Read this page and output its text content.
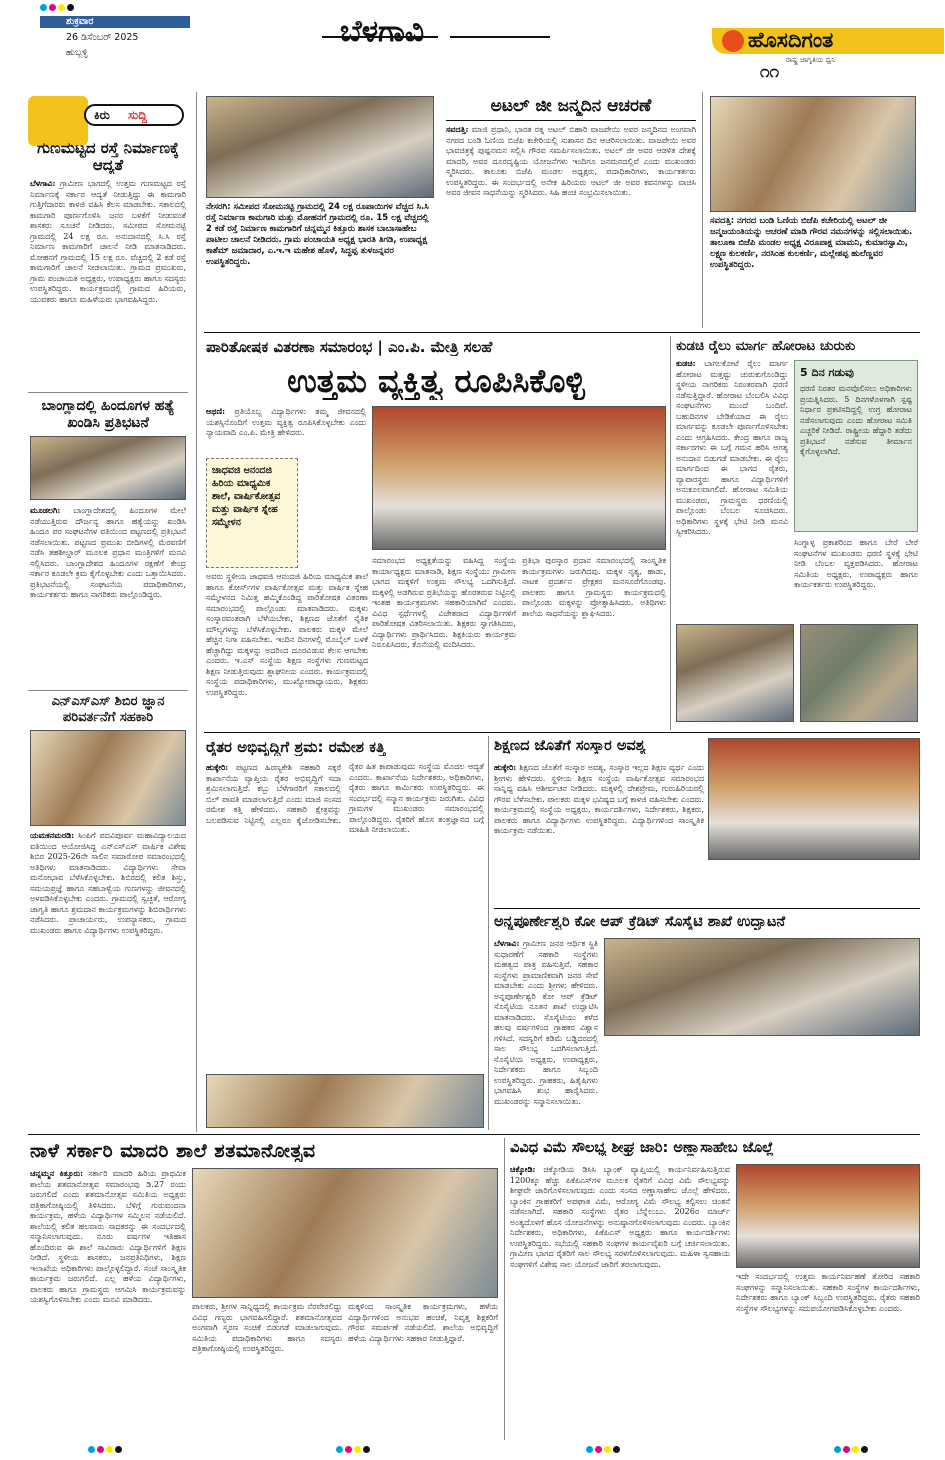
ಶುಕ್ರವಾರ
26 ಡಿಸೆಂಬರ್ 2025
ಹುಬ್ಬಳ್ಳಿ
ಬೆಳಗಾವಿ	ಹೊಸದಿಗಂತ
ರಾಷ್ಟ್ರ ಜಾಗೃತಿಯ ಧ್ವನಿ
೧೧
ಕಿರು ಸುದ್ದಿ
ಗುಣಮಟ್ಟದ ರಸ್ತೆ ನಿರ್ಮಾಣಕ್ಕೆ ಆದ್ಯತೆ
ಬೆಳಗಾವಿ: ಗ್ರಾಮೀಣ ಭಾಗದಲ್ಲಿ ಉತ್ತಮ ಗುಣಮಟ್ಟದ ರಸ್ತೆ ನಿರ್ಮಾಣಕ್ಕೆ ಸರ್ಕಾರ ಆದ್ಯತೆ ನೀಡುತ್ತಿದ್ದು ಈ ಕಾಮಗಾರಿ ಗುತ್ತಿಗೆದಾರರು ಕಾಳಜಿ ವಹಿಸಿ ಕೆಲಸ ಮಾಡಬೇಕು. ಸಕಾಲದಲ್ಲಿ ಕಾಮಗಾರಿ ಪೂರ್ಣಗೊಳಿಸಿ ಜನರ ಬಳಕೆಗೆ ನೀಡುವಂತೆ ಶಾಸಕರು ಸೂಚನೆ ನೀಡಿದರು. ಸಮೀಪದ ಸೋಮನಟ್ಟಿ ಗ್ರಾಮದಲ್ಲಿ 24 ಲಕ್ಷ ರೂ. ಅನುದಾನದಲ್ಲಿ ಸಿ.ಸಿ ರಸ್ತೆ ನಿರ್ಮಾಣ ಕಾಮಗಾರಿಗೆ ಚಾಲನೆ ನೀಡಿ ಮಾತನಾಡಿದರು. ಮೋಹನಗೆ ಗ್ರಾಮದಲ್ಲಿ 15 ಲಕ್ಷ ರೂ. ವೆಚ್ಚದಲ್ಲಿ 2 ಕಡೆ ರಸ್ತೆ ಕಾಮಗಾರಿಗೆ ಚಾಲನೆ ನೀಡಲಾಯಿತು. ಗ್ರಾಮದ ಪ್ರಮುಖರು, ಗ್ರಾಮ ಪಂಚಾಯತ ಅಧ್ಯಕ್ಷರು, ಉಪಾಧ್ಯಕ್ಷರು ಹಾಗೂ ಸದಸ್ಯರು ಉಪಸ್ಥಿತರಿದ್ದರು. ಕಾರ್ಯಕ್ರಮದಲ್ಲಿ ಗ್ರಾಮದ ಹಿರಿಯರು, ಯುವಕರು ಹಾಗೂ ಮಹಿಳೆಯರು ಭಾಗವಹಿಸಿದ್ದರು.
ಬಾಂಗ್ಲಾದಲ್ಲಿ ಹಿಂದೂಗಳ ಹತ್ಯೆ ಖಂಡಿಸಿ ಪ್ರತಿಭಟನೆ
ಮೂಡಲಗಿ: ಬಾಂಗ್ಲಾದೇಶದಲ್ಲಿ ಹಿಂದೂಗಳ ಮೇಲೆ ನಡೆಯುತ್ತಿರುವ ದೌರ್ಜನ್ಯ ಹಾಗೂ ಹತ್ಯೆಯನ್ನು ಖಂಡಿಸಿ ಹಿಂದೂ ಪರ ಸಂಘಟನೆಗಳ ವತಿಯಿಂದ ಪಟ್ಟಣದಲ್ಲಿ ಪ್ರತಿಭಟನೆ ನಡೆಸಲಾಯಿತು. ಪಟ್ಟಣದ ಪ್ರಮುಖ ಬೀದಿಗಳಲ್ಲಿ ಮೆರವಣಿಗೆ ನಡೆಸಿ ತಹಶೀಲ್ದಾರ್ ಮೂಲಕ ಪ್ರಧಾನ ಮಂತ್ರಿಗಳಿಗೆ ಮನವಿ ಸಲ್ಲಿಸಿದರು. ಬಾಂಗ್ಲಾದೇಶದ ಹಿಂದೂಗಳ ರಕ್ಷಣೆಗೆ ಕೇಂದ್ರ ಸರ್ಕಾರ ಕೂಡಲೇ ಕ್ರಮ ಕೈಗೊಳ್ಳಬೇಕು ಎಂದು ಒತ್ತಾಯಿಸಿದರು. ಪ್ರತಿಭಟನೆಯಲ್ಲಿ ಸಂಘಟನೆಯ ಪದಾಧಿಕಾರಿಗಳು, ಕಾರ್ಯಕರ್ತರು ಹಾಗೂ ನಾಗರಿಕರು ಪಾಲ್ಗೊಂಡಿದ್ದರು.
ಎನ್‌ಎಸ್‌ಎಸ್ ಶಿಬಿರ ಜ್ಞಾನ ಪರಿವರ್ತನೆಗೆ ಸಹಕಾರಿ
ಯಮಕನಮರಡಿ: ಸಿಂಪಿಗೆ ಪದವಿಪೂರ್ವ ಮಹಾವಿದ್ಯಾಲಯದ ವತಿಯಿಂದ ಆಯೋಜಿಸಿದ್ದ ಎನ್‌ಎಸ್‌ಎಸ್ ವಾರ್ಷಿಕ ವಿಶೇಷ ಶಿಬಿರ 2025-26ನೇ ಸಾಲಿನ ಸಮಾರೋಪ ಸಮಾರಂಭದಲ್ಲಿ ಅತಿಥಿಗಳು ಮಾತನಾಡಿದರು. ವಿದ್ಯಾರ್ಥಿಗಳು ಸೇವಾ ಮನೋಭಾವ ಬೆಳೆಸಿಕೊಳ್ಳಬೇಕು. ಶಿಬಿರದಲ್ಲಿ ಕಲಿತ ಶಿಸ್ತು, ಸಮಯಪ್ರಜ್ಞೆ ಹಾಗೂ ಸಹಬಾಳ್ವೆಯ ಗುಣಗಳನ್ನು ಜೀವನದಲ್ಲಿ ಅಳವಡಿಸಿಕೊಳ್ಳಬೇಕು ಎಂದರು. ಗ್ರಾಮದಲ್ಲಿ ಸ್ವಚ್ಛತೆ, ಆರೋಗ್ಯ ಜಾಗೃತಿ ಹಾಗೂ ಶ್ರಮದಾನ ಕಾರ್ಯಕ್ರಮಗಳನ್ನು ಶಿಬಿರಾರ್ಥಿಗಳು ನಡೆಸಿದರು. ಪ್ರಾಚಾರ್ಯರು, ಉಪನ್ಯಾಸಕರು, ಗ್ರಾಮದ ಮುಖಂಡರು ಹಾಗೂ ವಿದ್ಯಾರ್ಥಿಗಳು ಉಪಸ್ಥಿತರಿದ್ದರು.
ನೇಸರಗಿ: ಸಮೀಪದ ಸೋಮನಟ್ಟಿ ಗ್ರಾಮದಲ್ಲಿ 24 ಲಕ್ಷ ರೂಪಾಯಿಗಳ ವೆಚ್ಚದ ಸಿ.ಸಿ ರಸ್ತೆ ನಿರ್ಮಾಣ ಕಾಮಗಾರಿ ಮತ್ತು ಮೋಹನಗೆ ಗ್ರಾಮದಲ್ಲಿ ರೂ. 15 ಲಕ್ಷ ವೆಚ್ಚದಲ್ಲಿ 2 ಕಡೆ ರಸ್ತೆ ನಿರ್ಮಾಣ ಕಾಮಗಾರಿಗೆ ಚನ್ನಮ್ಮನ ಕಿತ್ತೂರು ಶಾಸಕ ಬಾಬಾಸಾಹೇಬ ಪಾಟೀಲ ಚಾಲನೆ ನೀಡಿದರು. ಗ್ರಾಮ ಪಂಚಾಯತಿ ಅಧ್ಯಕ್ಷ ಭಾರತಿ ತಿಗಡಿ, ಉಪಾಧ್ಯಕ್ಷ ಕಾಶೆಮ್ ಜಮಾದಾರ, ಎ.ಇ.ಇ ಮಹೇಶ ಹೊಳೆ, ಸಿದ್ಧಪ್ಪ ತುಳಜನ್ನವರ ಉಪಸ್ಥಿತರಿದ್ದರು.
ಅಟಲ್ ಜೀ ಜನ್ಮದಿನ ಆಚರಣೆ
ಸವದತ್ತಿ: ಮಾಜಿ ಪ್ರಧಾನಿ, ಭಾರತ ರತ್ನ ಅಟಲ್ ಬಿಹಾರಿ ವಾಜಪೇಯಿ ಅವರ ಜನ್ಮದಿನದ ಅಂಗವಾಗಿ ನಗರದ ಬಂಡಿ ಓಣಿಯ ಬಿಜೆಪಿ ಕಚೇರಿಯಲ್ಲಿ ಸುಶಾಸನ ದಿನ ಆಚರಿಸಲಾಯಿತು. ವಾಜಪೇಯಿ ಅವರ ಭಾವಚಿತ್ರಕ್ಕೆ ಪುಷ್ಪನಮನ ಸಲ್ಲಿಸಿ ಗೌರವ ಸಮರ್ಪಿಸಲಾಯಿತು. ಅಟಲ್ ಜೀ ಅವರ ಆಡಳಿತ ದೇಶಕ್ಕೆ ಮಾದರಿ, ಅವರ ದೂರದೃಷ್ಟಿಯ ಯೋಜನೆಗಳು ಇಂದಿಗೂ ಜನಮನದಲ್ಲಿವೆ ಎಂದು ಮುಖಂಡರು ಸ್ಮರಿಸಿದರು. ತಾಲೂಕು ಬಿಜೆಪಿ ಮಂಡಲ ಅಧ್ಯಕ್ಷರು, ಪದಾಧಿಕಾರಿಗಳು, ಕಾರ್ಯಕರ್ತರು ಉಪಸ್ಥಿತರಿದ್ದರು. ಈ ಸಂದರ್ಭದಲ್ಲಿ ಅನೇಕ ಹಿರಿಯರು ಅಟಲ್ ಜೀ ಅವರ ಕವನಗಳನ್ನು ವಾಚಿಸಿ ಅವರ ಜೀವನ ಸಾಧನೆಯನ್ನು ಸ್ಮರಿಸಿದರು. ಸಿಹಿ ಹಂಚಿ ಸಂಭ್ರಮಿಸಲಾಯಿತು.
ಸವದತ್ತಿ: ನಗರದ ಬಂಡಿ ಓಣಿಯ ಬಿಜೆಪಿ ಕಚೇರಿಯಲ್ಲಿ ಅಟಲ್ ಜೀ ಜನ್ಮಜಯಂತಿಯನ್ನು ಆಚರಣೆ ಮಾಡಿ ಗೌರವ ನಮನಗಳನ್ನು ಸಲ್ಲಿಸಲಾಯಿತು. ತಾಲೂಕಾ ಬಿಜೆಪಿ ಮಂಡಲ ಅಧ್ಯಕ್ಷ ವಿರೂಪಾಕ್ಷ ಮಾಮನಿ, ಕುಮಾರಸ್ವಾಮಿ, ಲಕ್ಷ್ಮಣ ಕುಲಕರ್ಣಿ, ನರಸಿಂಹ ಕುಲಕರ್ಣಿ, ಮಲ್ಲೇಶಪ್ಪ ಹುಲೆಣ್ಣವರ ಉಪಸ್ಥಿತರಿದ್ದರು.
ಪಾರಿತೋಷಕ ವಿತರಣಾ ಸಮಾರಂಭ | ಎಂ.ಪಿ. ಮೇತ್ರಿ ಸಲಹೆ
ಉತ್ತಮ ವ್ಯಕ್ತಿತ್ವ ರೂಪಿಸಿಕೊಳ್ಳಿ
ಅಥಣಿ: ಪ್ರತಿಯೊಬ್ಬ ವಿದ್ಯಾರ್ಥಿಗಳು ತಮ್ಮ ಜೀವನದಲ್ಲಿ ಯಶಸ್ಸಿನೊಂದಿಗೆ ಉತ್ತಮ ವ್ಯಕ್ತಿತ್ವ ರೂಪಿಸಿಕೊಳ್ಳಬೇಕು ಎಂದು ನ್ಯಾಯವಾದಿ ಎಂ.ಪಿ. ಮೇತ್ರಿ ಹೇಳಿದರು.
ಜಾಧವಜಿ ಆನಂದಜಿ ಹಿರಿಯ ಮಾಧ್ಯಮಿಕ ಶಾಲೆ, ವಾರ್ಷಿಕೋತ್ಸವ ಮತ್ತು ವಾರ್ಷಿಕ ಸ್ನೇಹ ಸಮ್ಮೇಳನ
ಅವರು ಸ್ಥಳೀಯ ಜಾಧವಜಿ ಆನಂದಜಿ ಹಿರಿಯ ಮಾಧ್ಯಮಿಕ ಶಾಲೆ ಹಾಗೂ ಕೋರ್ಸ್‌ಗಳ ವಾರ್ಷಿಕೋತ್ಸವ ಮತ್ತು ವಾರ್ಷಿಕ ಸ್ನೇಹ ಸಮ್ಮೇಳನದ ನಿಮಿತ್ತ ಹಮ್ಮಿಕೊಂಡಿದ್ದ ಪಾರಿತೋಷಕ ವಿತರಣಾ ಸಮಾರಂಭದಲ್ಲಿ ಪಾಲ್ಗೊಂಡು ಮಾತನಾಡಿದರು. ಮಕ್ಕಳು ಸಂಸ್ಕಾರವಂತರಾಗಿ ಬೆಳೆಯಬೇಕು, ಶಿಕ್ಷಣದ ಜೊತೆಗೆ ನೈತಿಕ ಮೌಲ್ಯಗಳನ್ನು ಬೆಳೆಸಿಕೊಳ್ಳಬೇಕು. ಪಾಲಕರು ಮಕ್ಕಳ ಮೇಲೆ ಹೆಚ್ಚಿನ ನಿಗಾ ವಹಿಸಬೇಕು. ಇಂದಿನ ದಿನಗಳಲ್ಲಿ ಮೊಬೈಲ್ ಬಳಕೆ ಹೆಚ್ಚಾಗಿದ್ದು ಮಕ್ಕಳನ್ನು ಅದರಿಂದ ದೂರವಿಡುವ ಕೆಲಸ ಆಗಬೇಕು ಎಂದರು. ಇ.ಎಸ್ ಸಂಸ್ಥೆಯ ಶಿಕ್ಷಣ ಸಂಸ್ಥೆಗಳು ಗುಣಮಟ್ಟದ ಶಿಕ್ಷಣ ನೀಡುತ್ತಿರುವುದು ಶ್ಲಾಘನೀಯ ಎಂದರು. ಕಾರ್ಯಕ್ರಮದಲ್ಲಿ ಸಂಸ್ಥೆಯ ಪದಾಧಿಕಾರಿಗಳು, ಮುಖ್ಯೋಪಾಧ್ಯಾಯರು, ಶಿಕ್ಷಕರು ಉಪಸ್ಥಿತರಿದ್ದರು.
ಸಮಾರಂಭದ ಅಧ್ಯಕ್ಷತೆಯನ್ನು ವಹಿಸಿದ್ದ ಸಂಸ್ಥೆಯ ಕಾರ್ಯಾಧ್ಯಕ್ಷರು ಮಾತನಾಡಿ, ಶಿಕ್ಷಣ ಸಂಸ್ಥೆಯು ಗ್ರಾಮೀಣ ಭಾಗದ ಮಕ್ಕಳಿಗೆ ಉತ್ತಮ ಸೌಲಭ್ಯ ಒದಗಿಸುತ್ತಿದೆ. ಮಕ್ಕಳಲ್ಲಿ ಅಡಗಿರುವ ಪ್ರತಿಭೆಯನ್ನು ಹೊರತರುವ ನಿಟ್ಟಿನಲ್ಲಿ ಇಂತಹ ಕಾರ್ಯಕ್ರಮಗಳು ಸಹಕಾರಿಯಾಗಿವೆ ಎಂದರು. ವಿವಿಧ ಸ್ಪರ್ಧೆಗಳಲ್ಲಿ ವಿಜೇತರಾದ ವಿದ್ಯಾರ್ಥಿಗಳಿಗೆ ಪಾರಿತೋಷಕ ವಿತರಿಸಲಾಯಿತು. ಶಿಕ್ಷಕರು ಸ್ವಾಗತಿಸಿದರು, ವಿದ್ಯಾರ್ಥಿಗಳು ಪ್ರಾರ್ಥಿಸಿದರು. ಶಿಕ್ಷಕಿಯರು ಕಾರ್ಯಕ್ರಮ ನಿರೂಪಿಸಿದರು, ಕೊನೆಯಲ್ಲಿ ವಂದಿಸಿದರು.
ಪ್ರತಿಭಾ ಪುರಸ್ಕಾರ ಪ್ರದಾನ ಸಮಾರಂಭದಲ್ಲಿ ಸಾಂಸ್ಕೃತಿಕ ಕಾರ್ಯಕ್ರಮಗಳು ಜರುಗಿದವು. ಮಕ್ಕಳ ನೃತ್ಯ, ಹಾಡು, ನಾಟಕ ಪ್ರದರ್ಶನ ಪ್ರೇಕ್ಷಕರ ಮನಸೂರೆಗೊಂಡವು. ಪಾಲಕರು ಹಾಗೂ ಗ್ರಾಮಸ್ಥರು ಕಾರ್ಯಕ್ರಮದಲ್ಲಿ ಪಾಲ್ಗೊಂಡು ಮಕ್ಕಳನ್ನು ಪ್ರೋತ್ಸಾಹಿಸಿದರು. ಅತಿಥಿಗಳು ಶಾಲೆಯ ಸಾಧನೆಯನ್ನು ಶ್ಲಾಘಿಸಿದರು.
ಕುಡಚಿ ರೈಲು ಮಾರ್ಗ ಹೋರಾಟ ಚುರುಕು
ಕುಡಚಿ: ಬಾಗಲಕೋಟೆ ರೈಲು ಮಾರ್ಗ ಹೋರಾಟ ಮತ್ತಷ್ಟು ಚುರುಕುಗೊಂಡಿದ್ದು ಸ್ಥಳೀಯ ನಾಗರಿಕರು ನಿರಂತರವಾಗಿ ಧರಣಿ ನಡೆಸುತ್ತಿದ್ದಾರೆ. ಹೋರಾಟ ಬೆಂಬಲಿಸಿ ವಿವಿಧ ಸಂಘಟನೆಗಳು ಮುಂದೆ ಬಂದಿವೆ. ಬಹುದಿನಗಳ ಬೇಡಿಕೆಯಾದ ಈ ರೈಲು ಮಾರ್ಗವನ್ನು ಕೂಡಲೇ ಪೂರ್ಣಗೊಳಿಸಬೇಕು ಎಂದು ಆಗ್ರಹಿಸಿದರು. ಕೇಂದ್ರ ಹಾಗೂ ರಾಜ್ಯ ಸರ್ಕಾರಗಳು ಈ ಬಗ್ಗೆ ಗಮನ ಹರಿಸಿ ಅಗತ್ಯ ಅನುದಾನ ಬಿಡುಗಡೆ ಮಾಡಬೇಕು. ಈ ರೈಲು ಮಾರ್ಗದಿಂದ ಈ ಭಾಗದ ರೈತರು, ವ್ಯಾಪಾರಸ್ಥರು ಹಾಗೂ ವಿದ್ಯಾರ್ಥಿಗಳಿಗೆ ಅನುಕೂಲವಾಗಲಿದೆ. ಹೋರಾಟ ಸಮಿತಿಯ ಮುಖಂಡರು, ಗ್ರಾಮಸ್ಥರು ಧರಣಿಯಲ್ಲಿ ಪಾಲ್ಗೊಂಡು ಬೆಂಬಲ ಸೂಚಿಸಿದರು. ಅಧಿಕಾರಿಗಳು ಸ್ಥಳಕ್ಕೆ ಭೇಟಿ ನೀಡಿ ಮನವಿ ಸ್ವೀಕರಿಸಿದರು.
5 ದಿನ ಗಡುವು
ಧರಣಿ ನಿರತರ ಮನವೊಲಿಸಲು ಅಧಿಕಾರಿಗಳು ಪ್ರಯತ್ನಿಸಿದರು. 5 ದಿನಗಳೊಳಗಾಗಿ ಸ್ಪಷ್ಟ ನಿರ್ಧಾರ ಪ್ರಕಟಿಸದಿದ್ದಲ್ಲಿ ಉಗ್ರ ಹೋರಾಟ ನಡೆಸಲಾಗುವುದು ಎಂದು ಹೋರಾಟ ಸಮಿತಿ ಎಚ್ಚರಿಕೆ ನೀಡಿದೆ. ರಾಷ್ಟ್ರೀಯ ಹೆದ್ದಾರಿ ತಡೆದು ಪ್ರತಿಭಟನೆ ನಡೆಸುವ ತೀರ್ಮಾನ ಕೈಗೊಳ್ಳಲಾಗಿದೆ.
ಸಿಂಗ್ನಾಳ್ಳ ಪ್ರಕಾಶರಿಂದ ಹಾಗೂ ಬೇರೆ ಬೇರೆ ಸಂಘಟನೆಗಳ ಮುಖಂಡರು ಧರಣಿ ಸ್ಥಳಕ್ಕೆ ಭೇಟಿ ನೀಡಿ ಬೆಂಬಲ ವ್ಯಕ್ತಪಡಿಸಿದರು. ಹೋರಾಟ ಸಮಿತಿಯ ಅಧ್ಯಕ್ಷರು, ಉಪಾಧ್ಯಕ್ಷರು ಹಾಗೂ ಕಾರ್ಯಕರ್ತರು ಉಪಸ್ಥಿತರಿದ್ದರು.
ರೈತರ ಅಭಿವೃದ್ಧಿಗೆ ಶ್ರಮ: ರಮೇಶ ಕತ್ತಿ
ಹುಕ್ಕೇರಿ: ಪಟ್ಟಣದ ಹಿರಣ್ಯಕೇಶಿ ಸಹಕಾರಿ ಸಕ್ಕರೆ ಕಾರ್ಖಾನೆಯ ವ್ಯಾಪ್ತಿಯ ರೈತರ ಅಭಿವೃದ್ಧಿಗೆ ಸದಾ ಶ್ರಮಿಸಲಾಗುತ್ತಿದೆ. ಕಬ್ಬು ಬೆಳೆಗಾರರಿಗೆ ಸಕಾಲದಲ್ಲಿ ಬಿಲ್ ಪಾವತಿ ಮಾಡಲಾಗುತ್ತಿದೆ ಎಂದು ಮಾಜಿ ಸಂಸದ ರಮೇಶ ಕತ್ತಿ ಹೇಳಿದರು. ಸಹಕಾರಿ ಕ್ಷೇತ್ರವನ್ನು ಬಲಪಡಿಸುವ ನಿಟ್ಟಿನಲ್ಲಿ ಎಲ್ಲರೂ ಕೈಜೋಡಿಸಬೇಕು. ರೈತರ ಹಿತ ಕಾಪಾಡುವುದು ಸಂಸ್ಥೆಯ ಮೊದಲ ಆದ್ಯತೆ ಎಂದರು. ಕಾರ್ಖಾನೆಯ ನಿರ್ದೇಶಕರು, ಅಧಿಕಾರಿಗಳು, ರೈತರು ಹಾಗೂ ಕಾರ್ಮಿಕರು ಉಪಸ್ಥಿತರಿದ್ದರು. ಈ ಸಂದರ್ಭದಲ್ಲಿ ಸನ್ಮಾನ ಕಾರ್ಯಕ್ರಮ ಜರುಗಿತು. ವಿವಿಧ ಗ್ರಾಮಗಳ ಮುಖಂಡರು ಸಮಾರಂಭದಲ್ಲಿ ಪಾಲ್ಗೊಂಡಿದ್ದರು. ರೈತರಿಗೆ ಹೊಸ ತಂತ್ರಜ್ಞಾನದ ಬಗ್ಗೆ ಮಾಹಿತಿ ನೀಡಲಾಯಿತು.
ಶಿಕ್ಷಣದ ಜೊತೆಗೆ ಸಂಸ್ಕಾರ ಅವಶ್ಯ
ಹುಕ್ಕೇರಿ: ಶಿಕ್ಷಣದ ಜೊತೆಗೆ ಸಂಸ್ಕಾರ ಅವಶ್ಯ, ಸಂಸ್ಕಾರ ಇಲ್ಲದ ಶಿಕ್ಷಣ ವ್ಯರ್ಥ ಎಂದು ಶ್ರೀಗಳು ಹೇಳಿದರು. ಸ್ಥಳೀಯ ಶಿಕ್ಷಣ ಸಂಸ್ಥೆಯ ವಾರ್ಷಿಕೋತ್ಸವ ಸಮಾರಂಭದ ಸಾನ್ನಿಧ್ಯ ವಹಿಸಿ ಆಶೀರ್ವಚನ ನೀಡಿದರು. ಮಕ್ಕಳಲ್ಲಿ ದೇಶಪ್ರೇಮ, ಗುರುಹಿರಿಯರಲ್ಲಿ ಗೌರವ ಬೆಳೆಸಬೇಕು. ಪಾಲಕರು ಮಕ್ಕಳ ಭವಿಷ್ಯದ ಬಗ್ಗೆ ಕಾಳಜಿ ವಹಿಸಬೇಕು ಎಂದರು. ಕಾರ್ಯಕ್ರಮದಲ್ಲಿ ಸಂಸ್ಥೆಯ ಅಧ್ಯಕ್ಷರು, ಕಾರ್ಯದರ್ಶಿಗಳು, ನಿರ್ದೇಶಕರು, ಶಿಕ್ಷಕರು, ಪಾಲಕರು ಹಾಗೂ ವಿದ್ಯಾರ್ಥಿಗಳು ಉಪಸ್ಥಿತರಿದ್ದರು. ವಿದ್ಯಾರ್ಥಿಗಳಿಂದ ಸಾಂಸ್ಕೃತಿಕ ಕಾರ್ಯಕ್ರಮ ನಡೆಯಿತು.
ಅನ್ನಪೂರ್ಣೇಶ್ವರಿ ಕೋ ಆಪ್ ಕ್ರೆಡಿಟ್ ಸೊಸೈಟಿ ಶಾಖೆ ಉದ್ಘಾಟನೆ
ಬೆಳಗಾವಿ: ಗ್ರಾಮೀಣ ಜನರ ಆರ್ಥಿಕ ಸ್ಥಿತಿ ಸುಧಾರಣೆಗೆ ಸಹಕಾರಿ ಸಂಸ್ಥೆಗಳು ಮಹತ್ವದ ಪಾತ್ರ ವಹಿಸುತ್ತಿವೆ. ಸಹಕಾರ ಸಂಸ್ಥೆಗಳು ಪ್ರಾಮಾಣಿಕವಾಗಿ ಜನರ ಸೇವೆ ಮಾಡಬೇಕು ಎಂದು ಶ್ರೀಗಳು ಹೇಳಿದರು. ಅನ್ನಪೂರ್ಣೇಶ್ವರಿ ಕೋ ಆಪ್ ಕ್ರೆಡಿಟ್ ಸೊಸೈಟಿಯ ನೂತನ ಶಾಖೆ ಉದ್ಘಾಟಿಸಿ ಮಾತನಾಡಿದರು. ಸೊಸೈಟಿಯು ಕಳೆದ ಹಲವು ವರ್ಷಗಳಿಂದ ಗ್ರಾಹಕರ ವಿಶ್ವಾಸ ಗಳಿಸಿದೆ. ಸದಸ್ಯರಿಗೆ ಕಡಿಮೆ ಬಡ್ಡಿದರದಲ್ಲಿ ಸಾಲ ಸೌಲಭ್ಯ ಒದಗಿಸಲಾಗುತ್ತಿದೆ. ಸೊಸೈಟಿಯ ಅಧ್ಯಕ್ಷರು, ಉಪಾಧ್ಯಕ್ಷರು, ನಿರ್ದೇಶಕರು ಹಾಗೂ ಸಿಬ್ಬಂದಿ ಉಪಸ್ಥಿತರಿದ್ದರು. ಗ್ರಾಹಕರು, ಹಿತೈಷಿಗಳು ಭಾಗವಹಿಸಿ ಶುಭ ಹಾರೈಸಿದರು. ಮುಖಂಡರನ್ನು ಸನ್ಮಾನಿಸಲಾಯಿತು.
ನಾಳೆ ಸರ್ಕಾರಿ ಮಾದರಿ ಶಾಲೆ ಶತಮಾನೋತ್ಸವ
ಚನ್ನಮ್ಮನ ಕಿತ್ತೂರು: ಸರ್ಕಾರಿ ಮಾದರಿ ಹಿರಿಯ ಪ್ರಾಥಮಿಕ ಶಾಲೆಯ ಶತಮಾನೋತ್ಸವ ಸಮಾರಂಭವು ಡಿ.27 ರಂದು ಜರುಗಲಿದೆ ಎಂದು ಶತಮಾನೋತ್ಸವ ಸಮಿತಿಯ ಅಧ್ಯಕ್ಷರು ಪತ್ರಿಕಾಗೋಷ್ಠಿಯಲ್ಲಿ ತಿಳಿಸಿದರು. ಬೆಳಿಗ್ಗೆ ಗುರುವಂದನಾ ಕಾರ್ಯಕ್ರಮ, ಹಳೆಯ ವಿದ್ಯಾರ್ಥಿಗಳ ಸಮ್ಮಿಲನ ನಡೆಯಲಿದೆ. ಶಾಲೆಯಲ್ಲಿ ಕಲಿತ ಹಲವಾರು ಸಾಧಕರನ್ನು ಈ ಸಂದರ್ಭದಲ್ಲಿ ಸನ್ಮಾನಿಸಲಾಗುವುದು. ನೂರು ವರ್ಷಗಳ ಇತಿಹಾಸ ಹೊಂದಿರುವ ಈ ಶಾಲೆ ಸಾವಿರಾರು ವಿದ್ಯಾರ್ಥಿಗಳಿಗೆ ಶಿಕ್ಷಣ ನೀಡಿದೆ. ಸ್ಥಳೀಯ ಶಾಸಕರು, ಜನಪ್ರತಿನಿಧಿಗಳು, ಶಿಕ್ಷಣ ಇಲಾಖೆಯ ಅಧಿಕಾರಿಗಳು ಪಾಲ್ಗೊಳ್ಳಲಿದ್ದಾರೆ. ಸಂಜೆ ಸಾಂಸ್ಕೃತಿಕ ಕಾರ್ಯಕ್ರಮ ಜರುಗಲಿದೆ. ಎಲ್ಲ ಹಳೆಯ ವಿದ್ಯಾರ್ಥಿಗಳು, ಪಾಲಕರು ಹಾಗೂ ಗ್ರಾಮಸ್ಥರು ಆಗಮಿಸಿ ಕಾರ್ಯಕ್ರಮವನ್ನು ಯಶಸ್ವಿಗೊಳಿಸಬೇಕು ಎಂದು ಮನವಿ ಮಾಡಿದರು.
ಪಾಲಕರು, ಶ್ರೀಗಳ ಸಾನ್ನಿಧ್ಯದಲ್ಲಿ ಕಾರ್ಯಕ್ರಮ ನೆರವೇರಲಿದ್ದು ವಿವಿಧ ಗಣ್ಯರು ಭಾಗವಹಿಸಲಿದ್ದಾರೆ. ಶತಮಾನೋತ್ಸವದ ಅಂಗವಾಗಿ ಸ್ಮರಣ ಸಂಚಿಕೆ ಬಿಡುಗಡೆ ಮಾಡಲಾಗುವುದು. ಸಮಿತಿಯ ಪದಾಧಿಕಾರಿಗಳು ಹಾಗೂ ಸದಸ್ಯರು ಪತ್ರಿಕಾಗೋಷ್ಠಿಯಲ್ಲಿ ಉಪಸ್ಥಿತರಿದ್ದರು.
ಮಕ್ಕಳಿಂದ ಸಾಂಸ್ಕೃತಿಕ ಕಾರ್ಯಕ್ರಮಗಳು, ಹಳೆಯ ವಿದ್ಯಾರ್ಥಿಗಳಿಂದ ಅನುಭವ ಹಂಚಿಕೆ, ನಿವೃತ್ತ ಶಿಕ್ಷಕರಿಗೆ ಗೌರವ ಸಮರ್ಪಣೆ ನಡೆಯಲಿದೆ. ಶಾಲೆಯ ಅಭಿವೃದ್ಧಿಗೆ ಹಳೆಯ ವಿದ್ಯಾರ್ಥಿಗಳು ಸಹಕಾರ ನೀಡುತ್ತಿದ್ದಾರೆ.
ವಿವಿಧ ವಿಮೆ ಸೌಲಭ್ಯ ಶೀಘ್ರ ಜಾರಿ: ಅಣ್ಣಾಸಾಹೇಬ ಜೊಲ್ಲೆ
ಚಿಕ್ಕೋಡಿ: ಚಿಕ್ಕೋಡಿಯ ಡಿಸಿಸಿ ಬ್ಯಾಂಕ್ ವ್ಯಾಪ್ತಿಯಲ್ಲಿ ಕಾರ್ಯನಿರ್ವಹಿಸುತ್ತಿರುವ 1200ಕ್ಕೂ ಹೆಚ್ಚು ಪಿಕೆಪಿಎಸ್‌ಗಳ ಮೂಲಕ ರೈತರಿಗೆ ವಿವಿಧ ವಿಮೆ ಸೌಲಭ್ಯವನ್ನು ಶೀಘ್ರವೇ ಜಾರಿಗೊಳಿಸಲಾಗುವುದು ಎಂದು ಸಂಸದ ಅಣ್ಣಾಸಾಹೇಬ ಜೊಲ್ಲೆ ಹೇಳಿದರು. ಬ್ಯಾಂಕಿನ ಗ್ರಾಹಕರಿಗೆ ಅಪಘಾತ ವಿಮೆ, ಆರೋಗ್ಯ ವಿಮೆ ಸೌಲಭ್ಯ ಕಲ್ಪಿಸಲು ಚಿಂತನೆ ನಡೆಸಲಾಗಿದೆ. ಸಹಕಾರಿ ಸಂಸ್ಥೆಗಳು ರೈತರ ಬೆನ್ನೆಲುಬು. 2026ರ ಮಾರ್ಚ್ ಅಂತ್ಯದೊಳಗೆ ಹೊಸ ಯೋಜನೆಗಳನ್ನು ಅನುಷ್ಠಾನಗೊಳಿಸಲಾಗುವುದು ಎಂದರು. ಬ್ಯಾಂಕಿನ ನಿರ್ದೇಶಕರು, ಅಧಿಕಾರಿಗಳು, ಪಿಕೆಪಿಎಸ್ ಅಧ್ಯಕ್ಷರು ಹಾಗೂ ಕಾರ್ಯದರ್ಶಿಗಳು ಉಪಸ್ಥಿತರಿದ್ದರು. ಸಭೆಯಲ್ಲಿ ಸಹಕಾರಿ ಸಂಘಗಳ ಕಾರ್ಯವೈಖರಿ ಬಗ್ಗೆ ಚರ್ಚಿಸಲಾಯಿತು. ಗ್ರಾಮೀಣ ಭಾಗದ ರೈತರಿಗೆ ಸಾಲ ಸೌಲಭ್ಯ ಸರಳಗೊಳಿಸಲಾಗುವುದು. ಮಹಿಳಾ ಸ್ವಸಹಾಯ ಸಂಘಗಳಿಗೆ ವಿಶೇಷ ಸಾಲ ಯೋಜನೆ ಜಾರಿಗೆ ತರಲಾಗುವುದು.
ಇದೇ ಸಂದರ್ಭದಲ್ಲಿ ಉತ್ತಮ ಕಾರ್ಯನಿರ್ವಹಣೆ ತೋರಿದ ಸಹಕಾರಿ ಸಂಘಗಳನ್ನು ಸನ್ಮಾನಿಸಲಾಯಿತು. ಸಹಕಾರಿ ಸಂಸ್ಥೆಗಳ ಕಾರ್ಯದರ್ಶಿಗಳು, ನಿರ್ದೇಶಕರು ಹಾಗೂ ಬ್ಯಾಂಕ್ ಸಿಬ್ಬಂದಿ ಉಪಸ್ಥಿತರಿದ್ದರು. ರೈತರು ಸಹಕಾರಿ ಸಂಸ್ಥೆಗಳ ಸೌಲಭ್ಯಗಳನ್ನು ಸದುಪಯೋಗಪಡಿಸಿಕೊಳ್ಳಬೇಕು ಎಂದರು.
